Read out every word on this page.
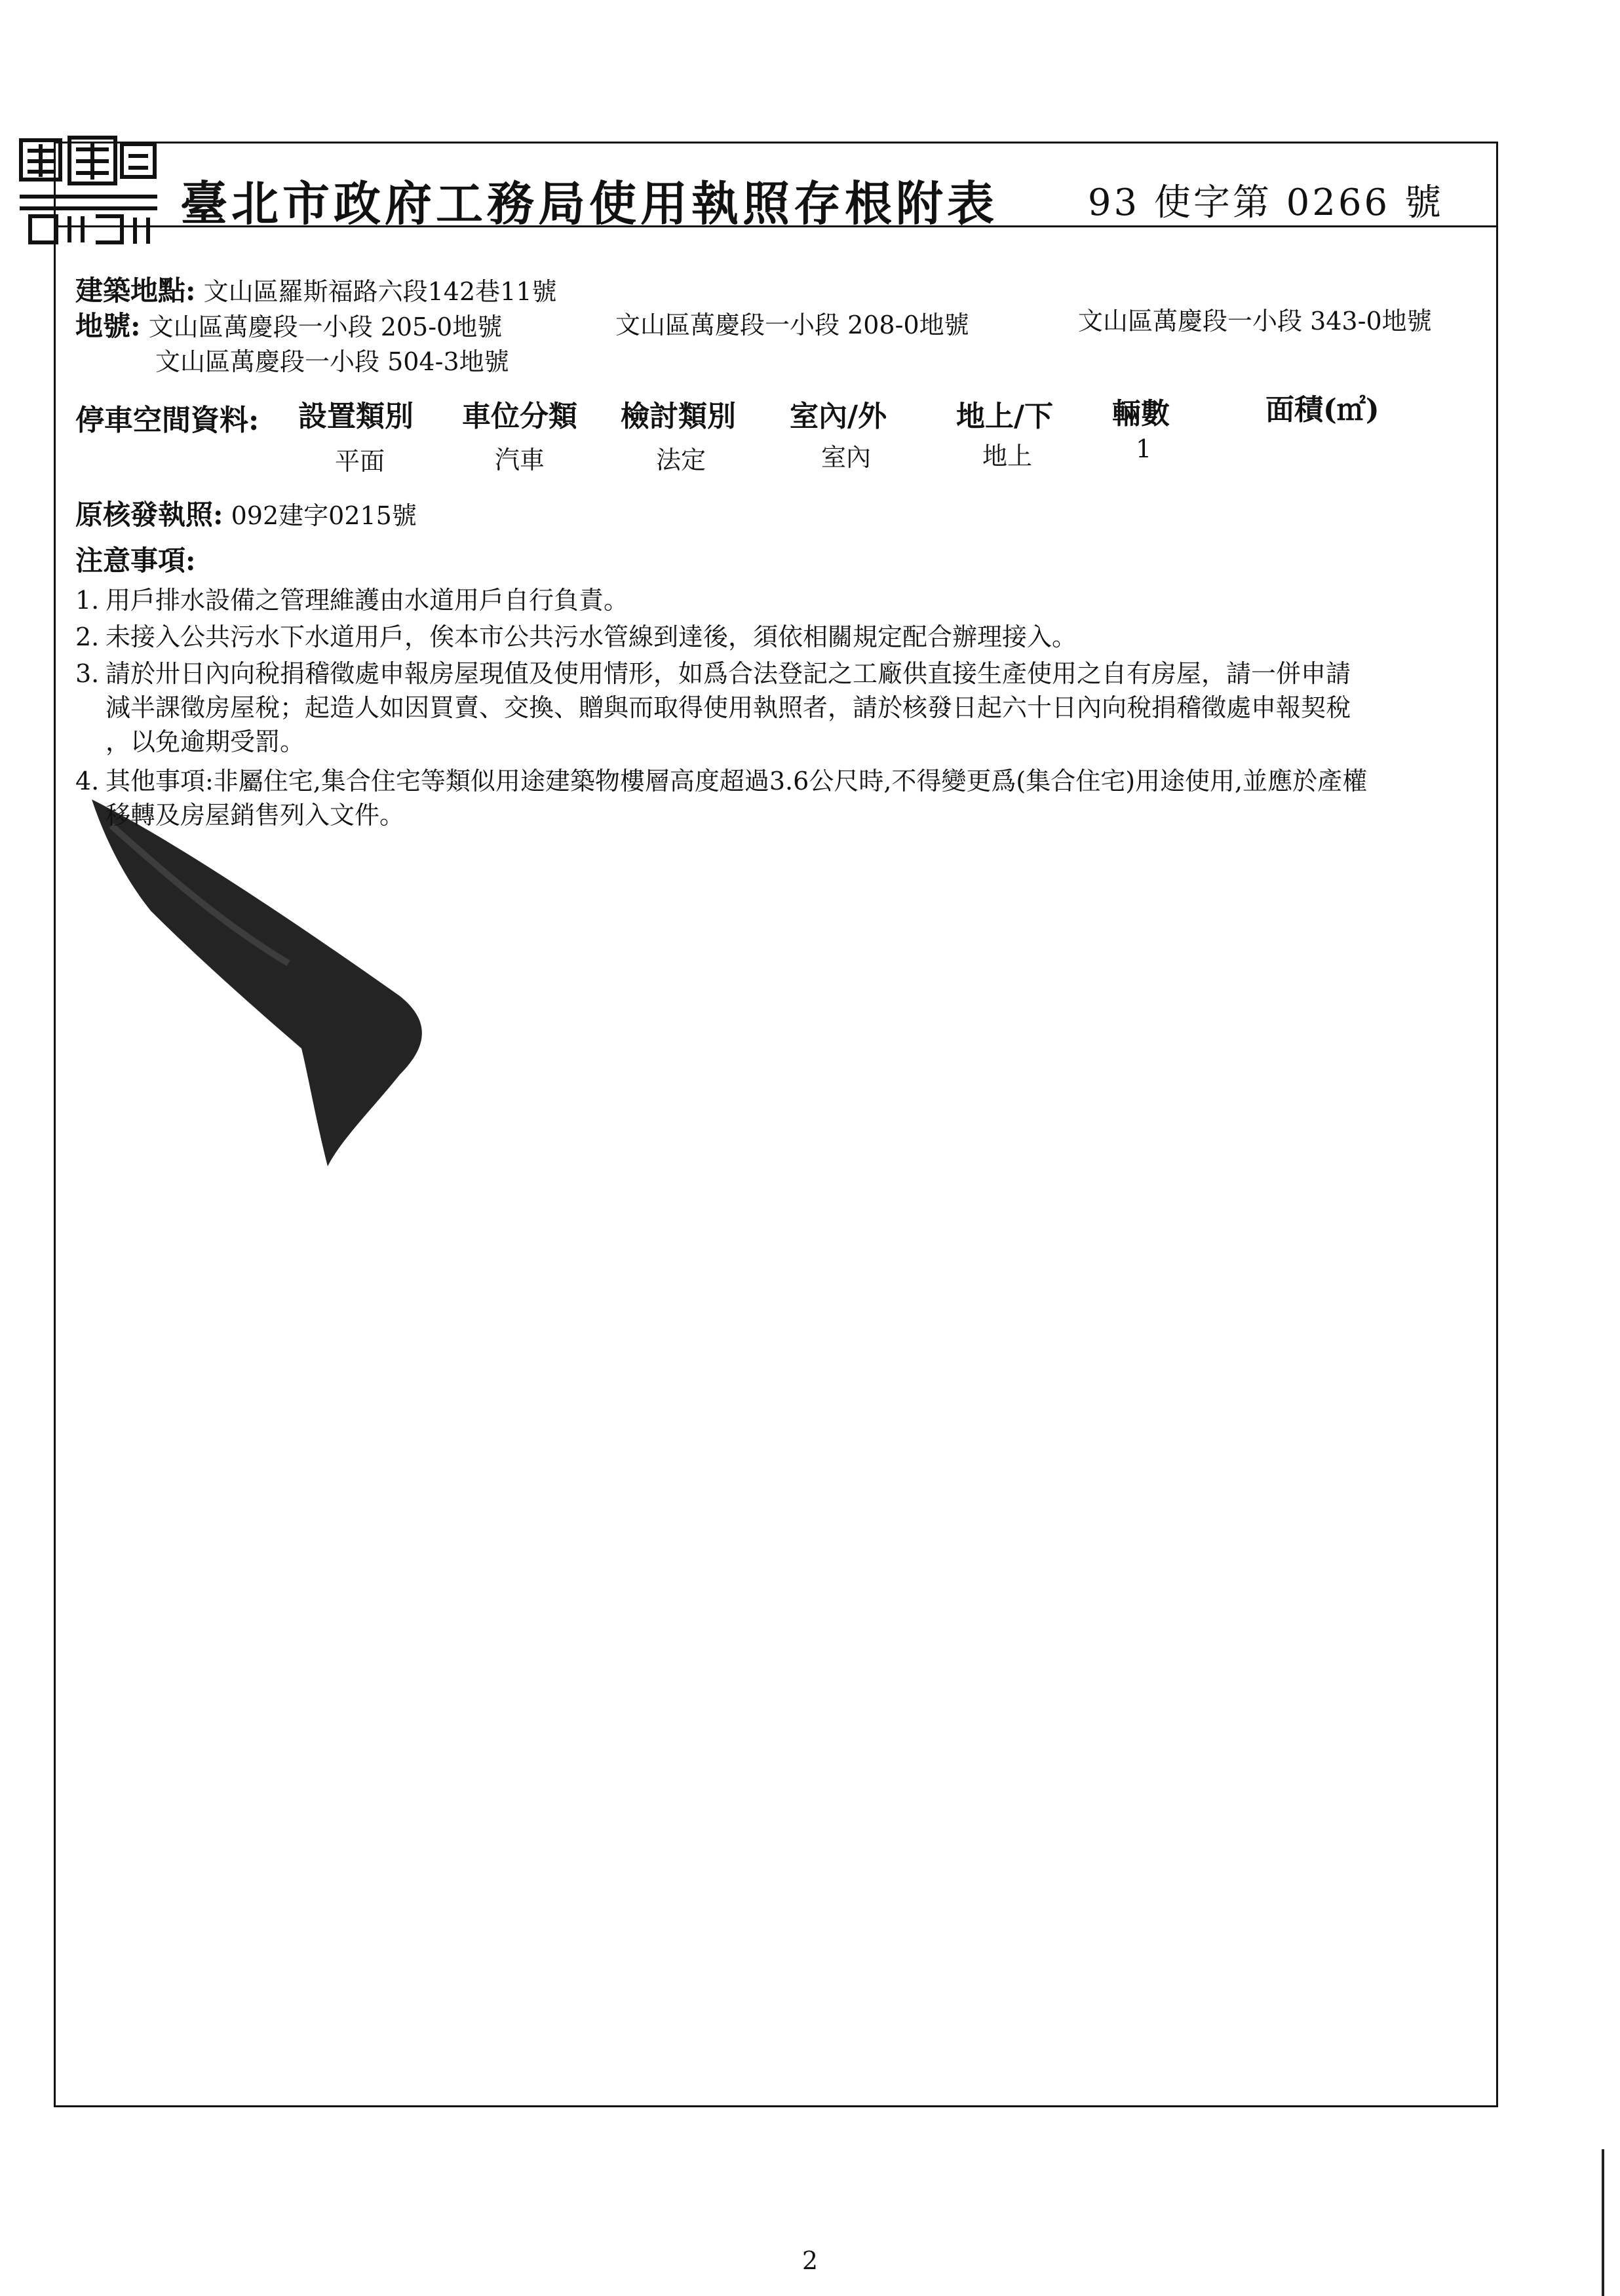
臺北市政府工務局使用執照存根附表 93 使字第 0266 號
建築地點: 文山區羅斯福路六段142巷11號
地號: 文山區萬慶段一小段 205-0地號	文山區萬慶段一小段 208-0地號	文山區萬慶段一小段 343-0地號
文山區萬慶段一小段 504-3地號
停車空間資料: 設置類別 車位分類 檢討類別 室內/外 地上/下 輛數	面積(㎡)
平面	汽車	法定	室內	地上	1
原核發執照: 092建字0215號
注意事項:
1. 用戶排水設備之管理維護由水道用戶自行負責。
2. 未接入公共污水下水道用戶，俟本市公共污水管線到達後，須依相關規定配合辦理接入。
3. 請於卅日內向稅捐稽徵處申報房屋現值及使用情形，如爲合法登記之工廠供直接生產使用之自有房屋，請一併申請
減半課徵房屋稅；起造人如因買賣、交換、贈與而取得使用執照者，請於核發日起六十日內向稅捐稽徵處申報契稅
，以免逾期受罰。
4. 其他事項:非屬住宅,集合住宅等類似用途建築物樓層高度超過3.6公尺時,不得變更爲(集合住宅)用途使用,並應於產權
移轉及房屋銷售列入文件。
2
